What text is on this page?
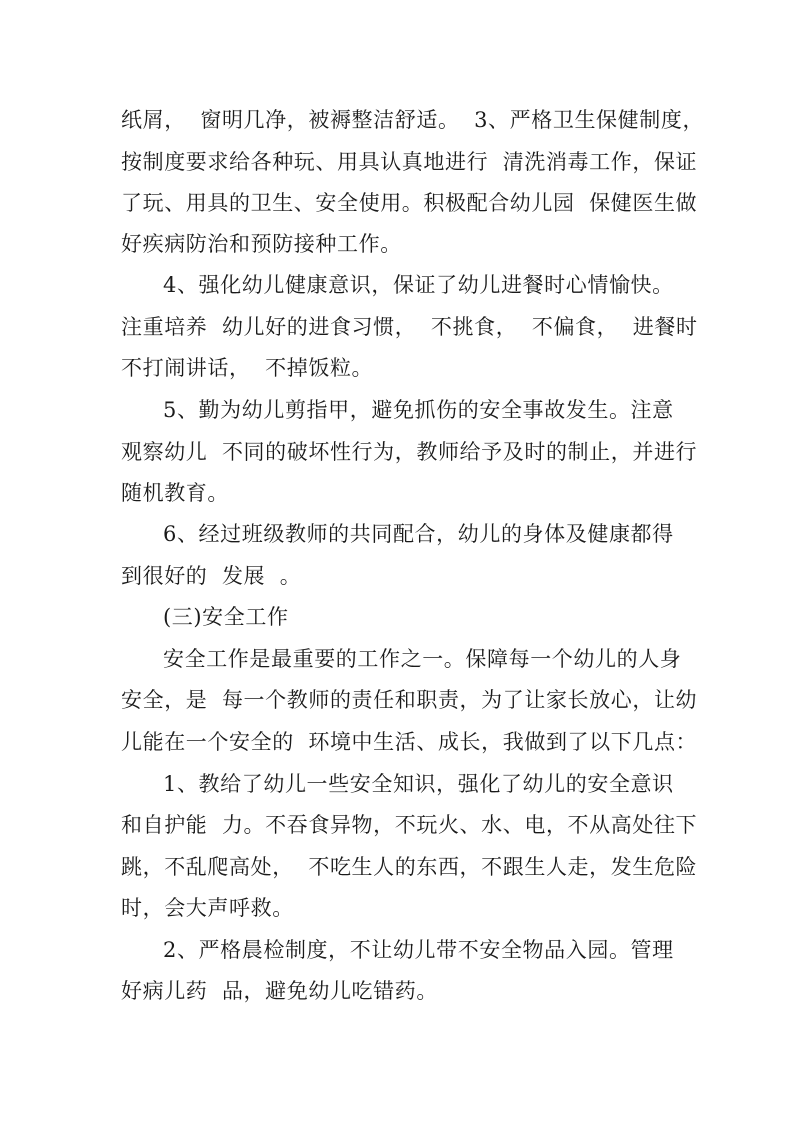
纸屑，  窗明几净，被褥整洁舒适。  3、严格卫生保健制度，
按制度要求给各种玩、用具认真地进行  清洗消毒工作，保证
了玩、用具的卫生、安全使用。积极配合幼儿园  保健医生做
好疾病防治和预防接种工作。
4、强化幼儿健康意识，保证了幼儿进餐时心情愉快。
注重培养  幼儿好的进食习惯，  不挑食，  不偏食，  进餐时
不打闹讲话，  不掉饭粒。
5、勤为幼儿剪指甲，避免抓伤的安全事故发生。注意
观察幼儿  不同的破坏性行为，教师给予及时的制止，并进行
随机教育。
6、经过班级教师的共同配合，幼儿的身体及健康都得
到很好的  发展  。
(三)安全工作
安全工作是最重要的工作之一。保障每一个幼儿的人身
安全，是  每一个教师的责任和职责，为了让家长放心，让幼
儿能在一个安全的  环境中生活、成长，我做到了以下几点：
1、教给了幼儿一些安全知识，强化了幼儿的安全意识
和自护能  力。不吞食异物，不玩火、水、电，不从高处往下
跳，不乱爬高处，  不吃生人的东西，不跟生人走，发生危险
时，会大声呼救。
2、严格晨检制度，不让幼儿带不安全物品入园。管理
好病儿药  品，避免幼儿吃错药。
